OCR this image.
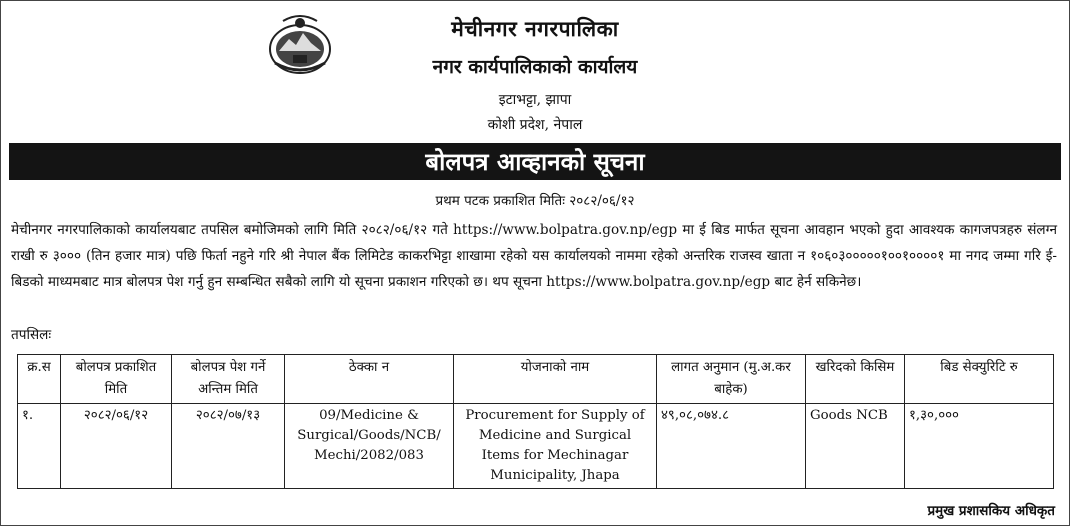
मेचीनगर नगरपालिका
नगर कार्यपालिकाको कार्यालय
इटाभट्टा, झापा
कोशी प्रदेश, नेपाल
बोलपत्र आव्हानको सूचना
प्रथम पटक प्रकाशित मितिः २०८२/०६/१२
मेचीनगर नगरपालिकाको कार्यालयबाट तपसिल बमोजिमको लागि मिति २०८२/०६/१२ गते https://www.bolpatra.gov.np/egp मा ई बिड मार्फत सूचना आवहान भएको हुदा आवश्यक कागजपत्रहरु संलग्न राखी रु ३००० (तिन हजार मात्र) पछि फिर्ता नहुने गरि श्री नेपाल बैंक लिमिटेड काकरभिट्टा शाखामा रहेको यस कार्यालयको नाममा रहेको अन्तरिक राजस्व खाता न १०६०३०००००१००१००००१ मा नगद जम्मा गरि ई-बिडको माध्यमबाट मात्र बोलपत्र पेश गर्नु हुन सम्बन्धित सबैको लागि यो सूचना प्रकाशन गरिएको छ। थप सूचना https://www.bolpatra.gov.np/egp बाट हेर्न सकिनेछ।
तपसिलः
क्र.स	बोलपत्र प्रकाशित मिति	बोलपत्र पेश गर्ने अन्तिम मिति	ठेक्का न	योजनाको नाम	लागत अनुमान (मु.अ.कर बाहेक)	खरिदको किसिम	बिड सेक्युरिटि रु
१.	२०८२/०६/१२	२०८२/०७/१३	09/Medicine & Surgical/Goods/NCB/ Mechi/2082/083	Procurement for Supply of Medicine and Surgical Items for Mechinagar Municipality, Jhapa	४९,०८,०७४.८	Goods NCB	१,३०,०००
प्रमुख प्रशासकिय अधिकृत
